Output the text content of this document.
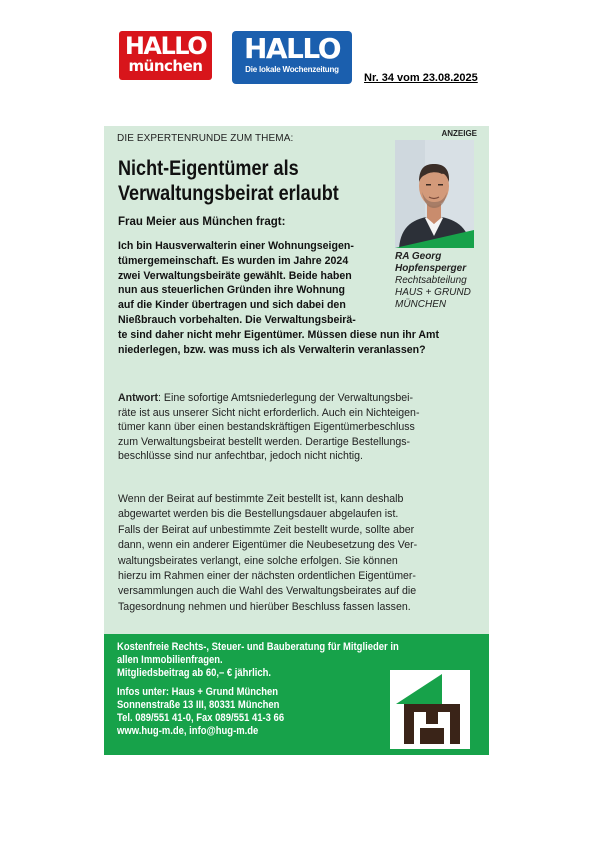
HALLO
münchen
HALLO
Die lokale Wochenzeitung
Nr. 34 vom 23.08.2025
DIE EXPERTENRUNDE ZUM THEMA:	ANZEIGE
Nicht-Eigentümer als
Verwaltungsbeirat erlaubt
Frau Meier aus München fragt:
RA Georg
Hopfensperger
Rechtsabteilung
HAUS + GRUND
MÜNCHEN
Ich bin Hausverwalterin einer Wohnungseigen-
tümergemeinschaft. Es wurden im Jahre 2024
zwei Verwaltungsbeiräte gewählt. Beide haben
nun aus steuerlichen Gründen ihre Wohnung
auf die Kinder übertragen und sich dabei den
Nießbrauch vorbehalten. Die Verwaltungsbeirä-
te sind daher nicht mehr Eigentümer. Müssen diese nun ihr Amt
niederlegen, bzw. was muss ich als Verwalterin veranlassen?
Antwort: Eine sofortige Amtsniederlegung der Verwaltungsbei-
räte ist aus unserer Sicht nicht erforderlich. Auch ein Nichteigen-
tümer kann über einen bestandskräftigen Eigentümerbeschluss
zum Verwaltungsbeirat bestellt werden. Derartige Bestellungs-
beschlüsse sind nur anfechtbar, jedoch nicht nichtig.
Wenn der Beirat auf bestimmte Zeit bestellt ist, kann deshalb
abgewartet werden bis die Bestellungsdauer abgelaufen ist.
Falls der Beirat auf unbestimmte Zeit bestellt wurde, sollte aber
dann, wenn ein anderer Eigentümer die Neubesetzung des Ver-
waltungsbeirates verlangt, eine solche erfolgen. Sie können
hierzu im Rahmen einer der nächsten ordentlichen Eigentümer-
versammlungen auch die Wahl des Verwaltungsbeirates auf die
Tagesordnung nehmen und hierüber Beschluss fassen lassen.
Kostenfreie Rechts-, Steuer- und Bauberatung für Mitglieder in
allen Immobilienfragen.
Mitgliedsbeitrag ab 60,– € jährlich.
Infos unter: Haus + Grund München
Sonnenstraße 13 III, 80331 München
Tel. 089/551 41-0, Fax 089/551 41-3 66
www.hug-m.de, info@hug-m.de
